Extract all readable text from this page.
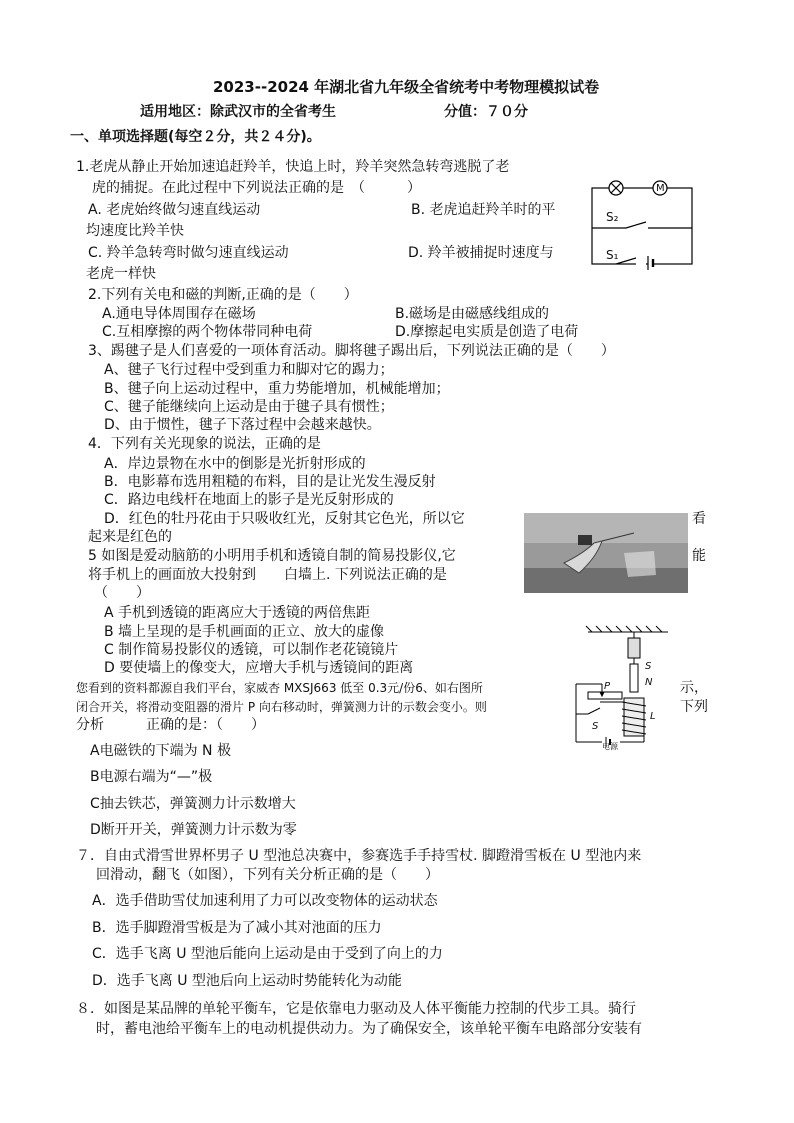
2023--2024 年湖北省九年级全省统考中考物理模拟试卷
适用地区：除武汉市的全省考生	分值：７０分
一、单项选择题(每空２分，共２４分)。
1.老虎从静止开始加速追赶羚羊，快追上时，羚羊突然急转弯逃脱了老
虎的捕捉。在此过程中下列说法正确的是　（　　　）
A. 老虎始终做匀速直线运动	B. 老虎追赶羚羊时的平
均速度比羚羊快
C. 羚羊急转弯时做匀速直线运动	D. 羚羊被捕捉时速度与
老虎一样快
M
S₂
S₁
2.下列有关电和磁的判断,正确的是（　　）
A.通电导体周围存在磁场	B.磁场是由磁感线组成的
C.互相摩擦的两个物体带同种电荷	D.摩擦起电实质是创造了电荷
3、踢毽子是人们喜爱的一项体育活动。脚将毽子踢出后，下列说法正确的是（　　）
A、毽子飞行过程中受到重力和脚对它的踢力；
B、毽子向上运动过程中，重力势能增加，机械能增加；
C、毽子能继续向上运动是由于毽子具有惯性；
D、由于惯性，毽子下落过程中会越来越快。
4．下列有关光现象的说法，正确的是
A．岸边景物在水中的倒影是光折射形成的
B．电影幕布选用粗糙的布料，目的是让光发生漫反射
C．路边电线杆在地面上的影子是光反射形成的
D．红色的牡丹花由于只吸收红光，反射其它色光，所以它	看
起来是红色的
5 如图是爱动脑筋的小明用手机和透镜自制的简易投影仪,它	能
将手机上的画面放大投射到　　白墙上. 下列说法正确的是
（　　）
A 手机到透镜的距离应大于透镜的两倍焦距
B 墙上呈现的是手机画面的正立、放大的虚像
C 制作简易投影仪的透镜，可以制作老花镜镜片
D 要使墙上的像变大，应增大手机与透镜间的距离	S
N
P
L
S
电源
您看到的资料都源自我们平台，家威杏 MXSJ663 低至 0.3元/份6、如右图所	示，
闭合开关，将滑动变阻器的滑片 P 向右移动时，弹簧测力计的示数会变小。则	下列
分析　　　正确的是：（　　）
A电磁铁的下端为 N 极
B电源右端为“—”极
C抽去铁芯，弹簧测力计示数增大
D断开开关，弹簧测力计示数为零
７．自由式滑雪世界杯男子 U 型池总决赛中，参赛选手手持雪杖. 脚蹬滑雪板在 U 型池内来
回滑动，翻飞（如图），下列有关分析正确的是（　　）
A．选手借助雪仗加速利用了力可以改变物体的运动状态
B．选手脚蹬滑雪板是为了减小其对池面的压力
C．选手飞离 U 型池后能向上运动是由于受到了向上的力
D．选手飞离 U 型池后向上运动时势能转化为动能
８．如图是某品牌的单轮平衡车，它是依靠电力驱动及人体平衡能力控制的代步工具。骑行
时，蓄电池给平衡车上的电动机提供动力。为了确保安全，该单轮平衡车电路部分安装有
